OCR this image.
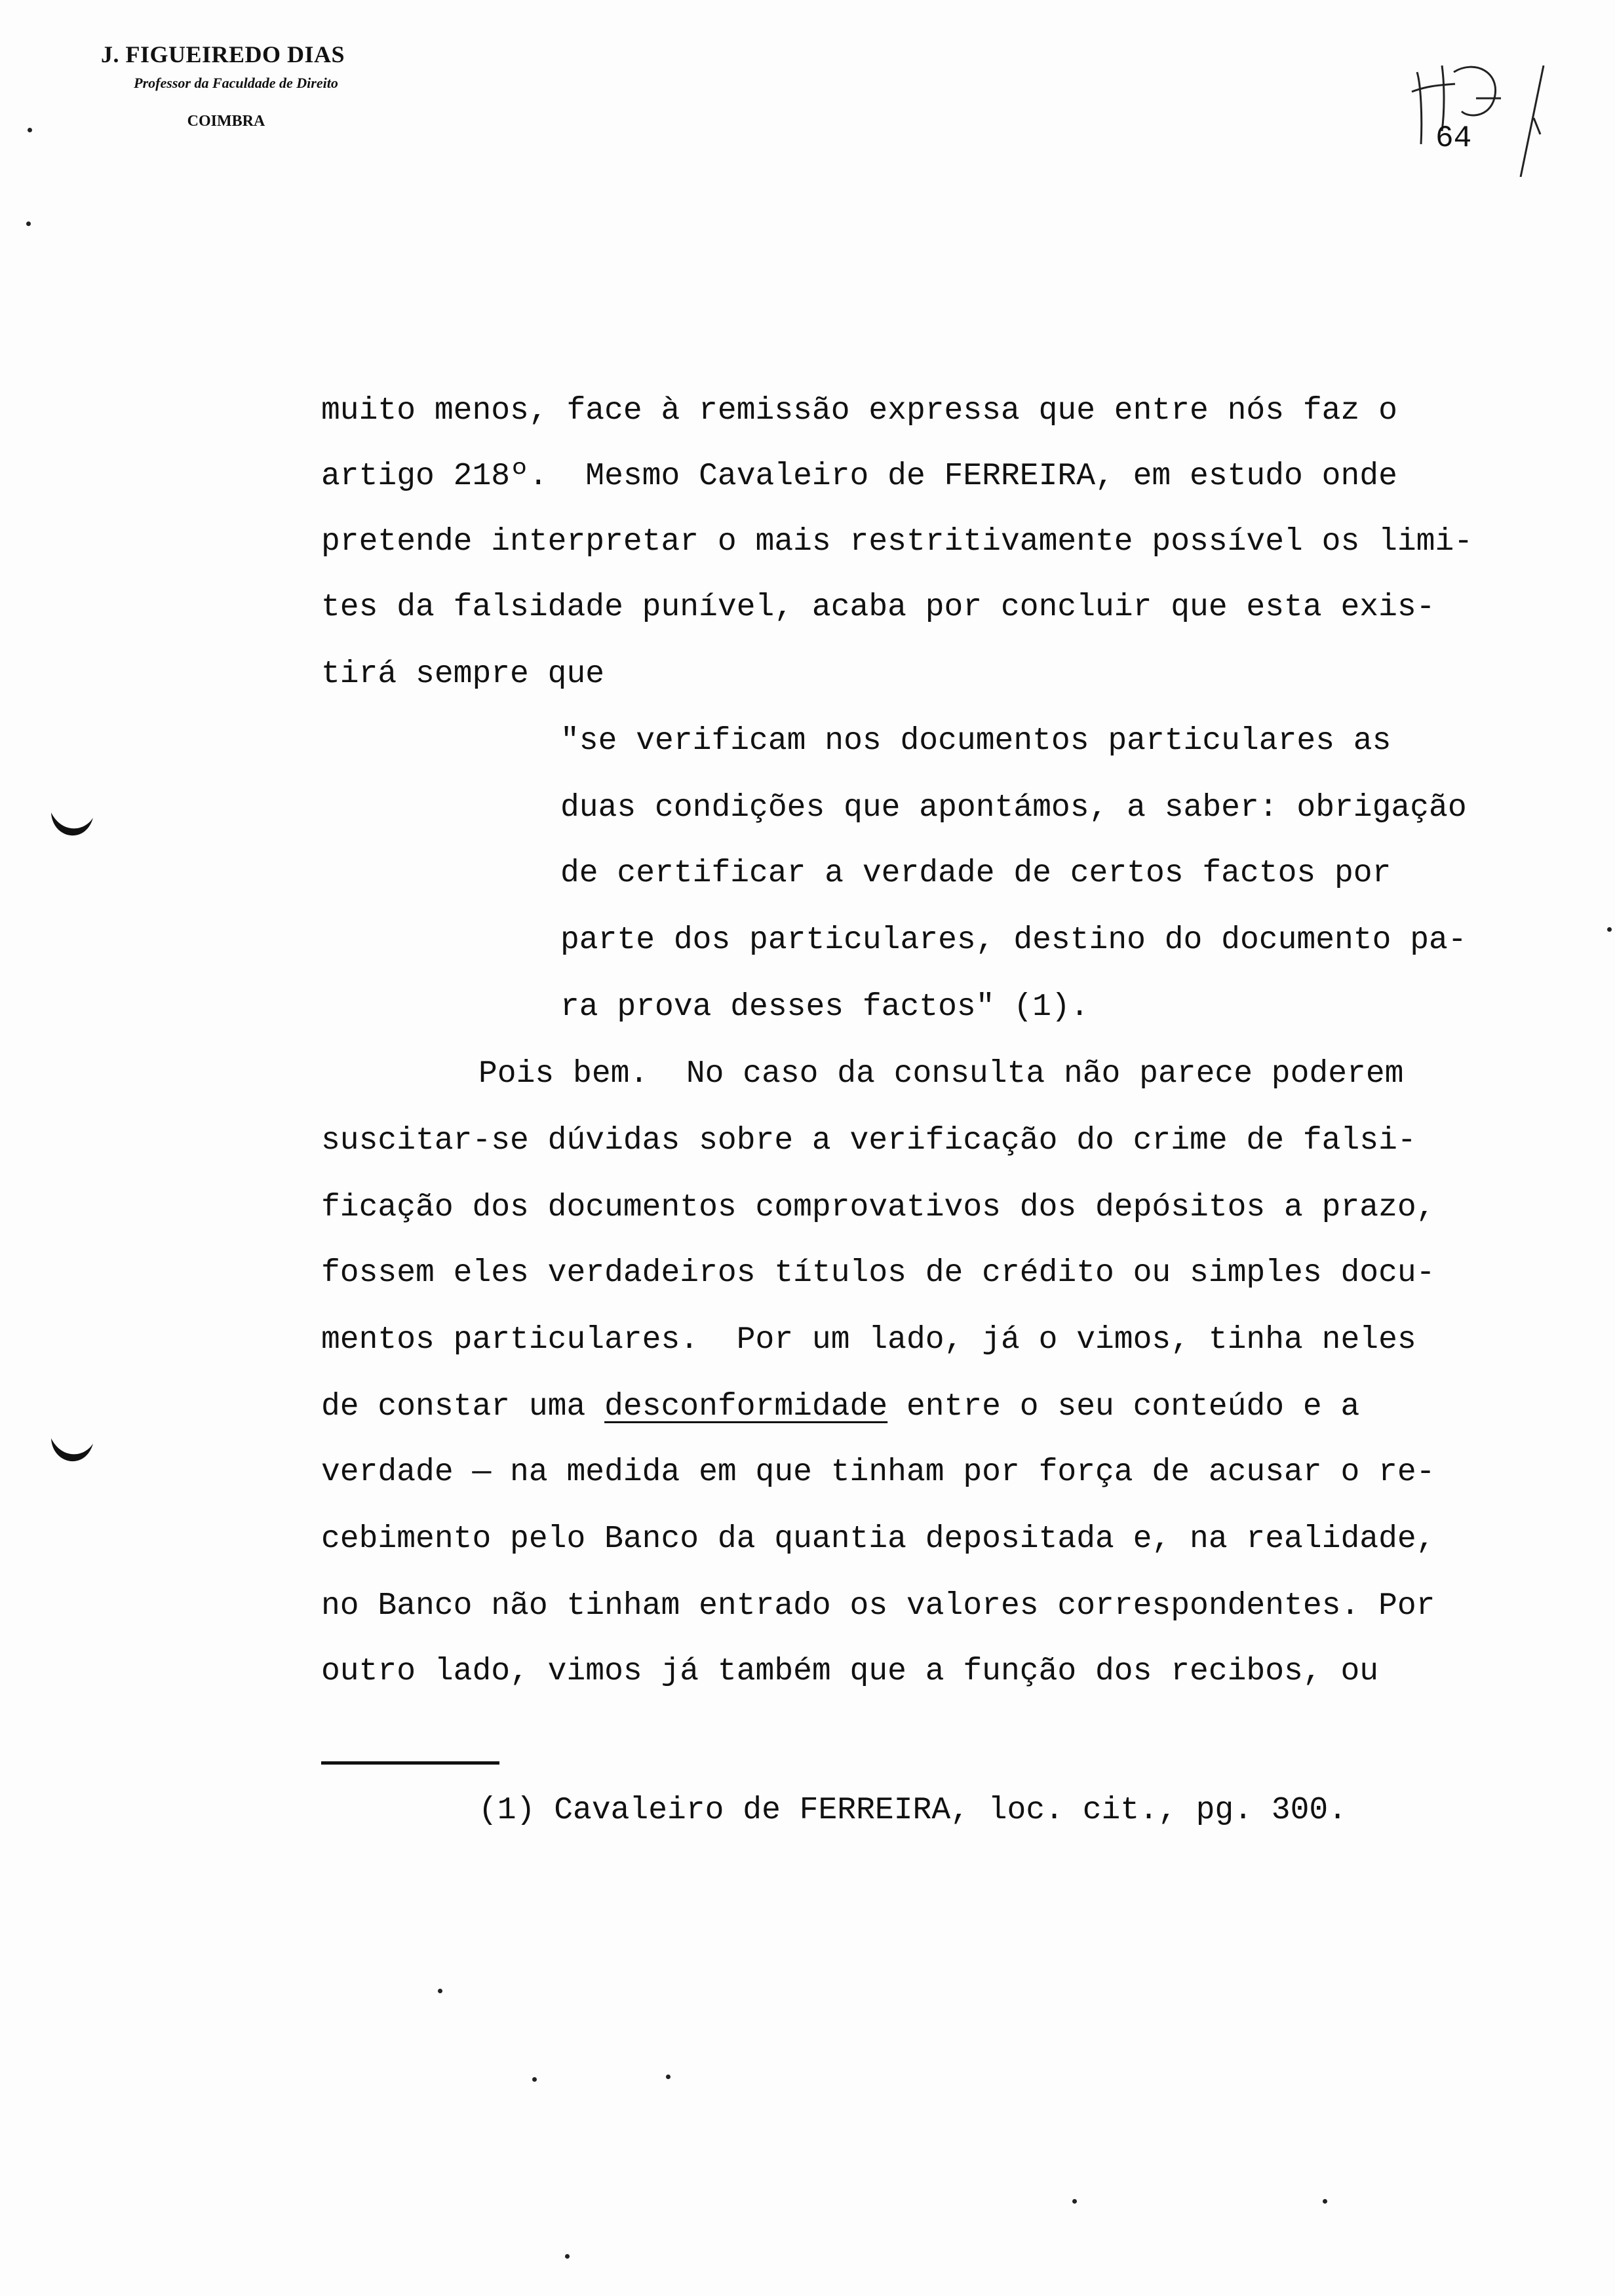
J. FIGUEIREDO DIAS
Professor da Faculdade de Direito
COIMBRA	64
muito menos, face à remissão expressa que entre nós faz o
artigo 218º.  Mesmo Cavaleiro de FERREIRA, em estudo onde
pretende interpretar o mais restritivamente possível os limi-
tes da falsidade punível, acaba por concluir que esta exis-
tirá sempre que
"se verificam nos documentos particulares as
duas condições que apontámos, a saber: obrigação
de certificar a verdade de certos factos por
parte dos particulares, destino do documento pa-
ra prova desses factos" (1).
Pois bem.  No caso da consulta não parece poderem
suscitar-se dúvidas sobre a verificação do crime de falsi-
ficação dos documentos comprovativos dos depósitos a prazo,
fossem eles verdadeiros títulos de crédito ou simples docu-
mentos particulares.  Por um lado, já o vimos, tinha neles
de constar uma desconformidade entre o seu conteúdo e a
verdade — na medida em que tinham por força de acusar o re-
cebimento pelo Banco da quantia depositada e, na realidade,
no Banco não tinham entrado os valores correspondentes. Por
outro lado, vimos já também que a função dos recibos, ou
(1) Cavaleiro de FERREIRA, loc. cit., pg. 300.
